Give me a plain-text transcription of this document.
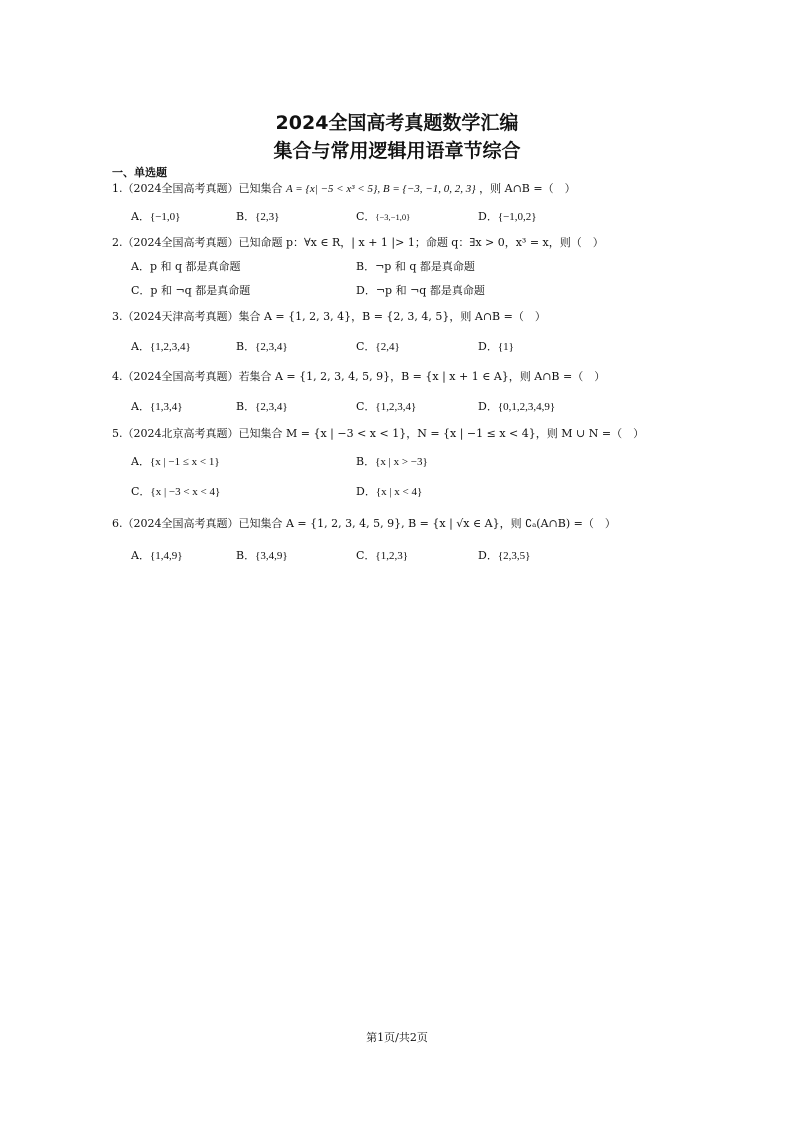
2024全国高考真题数学汇编
集合与常用逻辑用语章节综合
一、单选题
1.（2024全国高考真题）已知集合 A = {x| −5 < x³ < 5}, B = {−3, −1, 0, 2, 3} ，则 A∩B =（　）
A．{−1,0}	B．{2,3}	C．{−3,−1,0}	D．{−1,0,2}
2.（2024全国高考真题）已知命题 p：∀x ∈ R，| x + 1 |> 1；命题 q：∃x > 0，x³ = x，则（　）
A．p 和 q 都是真命题	B．¬p 和 q 都是真命题
C．p 和 ¬q 都是真命题	D．¬p 和 ¬q 都是真命题
3.（2024天津高考真题）集合 A = {1, 2, 3, 4}，B = {2, 3, 4, 5}，则 A∩B =（　）
A．{1,2,3,4}	B．{2,3,4}	C．{2,4}	D．{1}
4.（2024全国高考真题）若集合 A = {1, 2, 3, 4, 5, 9}，B = {x | x + 1 ∈ A}，则 A∩B =（　）
A．{1,3,4}	B．{2,3,4}	C．{1,2,3,4}	D．{0,1,2,3,4,9}
5.（2024北京高考真题）已知集合 M = {x | −3 < x < 1}，N = {x | −1 ≤ x < 4}，则 M ∪ N =（　）
A．{x | −1 ≤ x < 1}	B．{x | x > −3}
C．{x | −3 < x < 4}	D．{x | x < 4}
6.（2024全国高考真题）已知集合 A = {1, 2, 3, 4, 5, 9}, B = {x | √x ∈ A}，则 ∁ₐ(A∩B) =（　）
A．{1,4,9}	B．{3,4,9}	C．{1,2,3}	D．{2,3,5}
第1页/共2页
